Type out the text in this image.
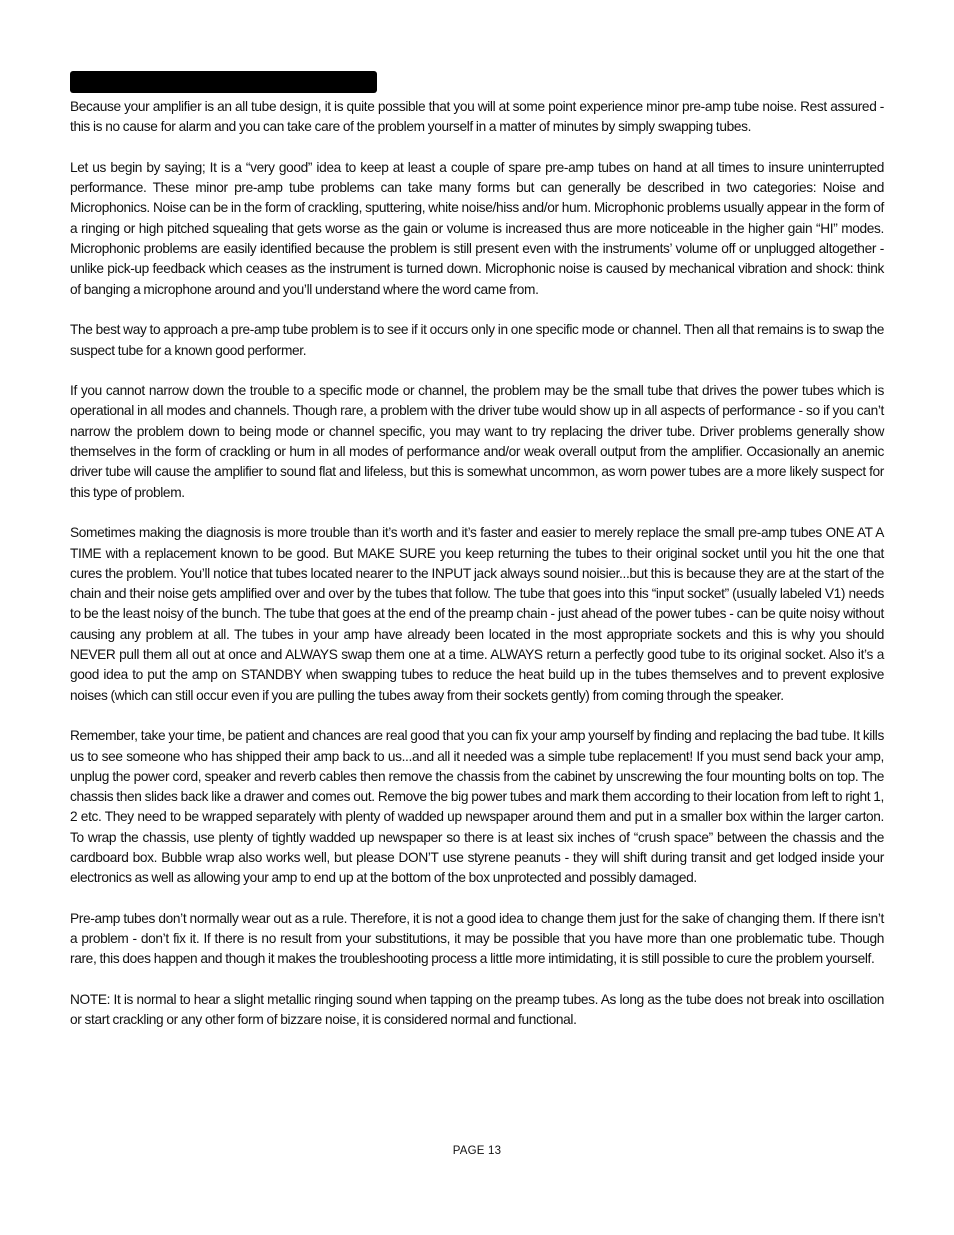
Because your amplifier is an all tube design, it is quite possible that you will at some point experience minor pre-amp tube noise. Rest assured - this is no cause for alarm and you can take care of the problem yourself in a matter of minutes by simply swapping tubes.

Let us begin by saying; It is a “very good” idea to keep at least a couple of spare pre-amp tubes on hand at all times to insure uninterrupted performance. These minor pre-amp tube problems can take many forms but can generally be described in two categories: Noise and Microphonics. Noise can be in the form of crackling, sputtering, white noise/hiss and/or hum. Microphonic problems usually appear in the form of a ringing or high pitched squealing that gets worse as the gain or volume is increased thus are more noticeable in the higher gain “HI” modes. Microphonic problems are easily identified because the problem is still present even with the instruments’ volume off or unplugged altogether - unlike pick-up feedback which ceases as the instrument is turned down. Microphonic noise is caused by mechanical vibration and shock: think of banging a microphone around and you’ll understand where the word came from.

The best way to approach a pre-amp tube problem is to see if it occurs only in one specific mode or channel. Then all that remains is to swap the suspect tube for a known good performer.

If you cannot narrow down the trouble to a specific mode or channel, the problem may be the small tube that drives the power tubes which is operational in all modes and channels. Though rare, a problem with the driver tube would show up in all aspects of performance - so if you can’t narrow the problem down to being mode or channel specific, you may want to try replacing the driver tube. Driver problems generally show themselves in the form of crackling or hum in all modes of performance and/or weak overall output from the amplifier. Occasionally an anemic driver tube will cause the amplifier to sound flat and lifeless, but this is somewhat uncommon, as worn power tubes are a more likely suspect for this type of problem.

Sometimes making the diagnosis is more trouble than it’s worth and it’s faster and easier to merely replace the small pre-amp tubes ONE AT A TIME with a replacement known to be good. But MAKE SURE you keep returning the tubes to their original socket until you hit the one that cures the problem. You’ll notice that tubes located nearer to the INPUT jack always sound noisier...but this is because they are at the start of the chain and their noise gets amplified over and over by the tubes that follow. The tube that goes into this “input socket” (usually labeled V1) needs to be the least noisy of the bunch. The tube that goes at the end of the preamp chain - just ahead of the power tubes - can be quite noisy without causing any problem at all. The tubes in your amp have already been located in the most appropriate sockets and this is why you should NEVER pull them all out at once and ALWAYS swap them one at a time. ALWAYS return a perfectly good tube to its original socket. Also it’s a good idea to put the amp on STANDBY when swapping tubes to reduce the heat build up in the tubes themselves and to prevent explosive noises (which can still occur even if you are pulling the tubes away from their sockets gently) from coming through the speaker.

Remember, take your time, be patient and chances are real good that you can fix your amp yourself by finding and replacing the bad tube. It kills us to see someone who has shipped their amp back to us...and all it needed was a simple tube replacement! If you must send back your amp, unplug the power cord, speaker and reverb cables then remove the chassis from the cabinet by unscrewing the four mounting bolts on top. The chassis then slides back like a drawer and comes out. Remove the big power tubes and mark them according to their location from left to right 1, 2 etc. They need to be wrapped separately with plenty of wadded up newspaper around them and put in a smaller box within the larger carton. To wrap the chassis, use plenty of tightly wadded up newspaper so there is at least six inches of “crush space” between the chassis and the cardboard box. Bubble wrap also works well, but please DON’T use styrene peanuts - they will shift during transit and get lodged inside your electronics as well as allowing your amp to end up at the bottom of the box unprotected and possibly damaged.

Pre-amp tubes don’t normally wear out as a rule. Therefore, it is not a good idea to change them just for the sake of changing them. If there isn’t a problem - don’t fix it. If there is no result from your substitutions, it may be possible that you have more than one problematic tube. Though rare, this does happen and though it makes the troubleshooting process a little more intimidating, it is still possible to cure the problem yourself.

NOTE: It is normal to hear a slight metallic ringing sound when tapping on the preamp tubes. As long as the tube does not break into oscillation or start crackling or any other form of bizzare noise, it is considered normal and functional.

PAGE 13
